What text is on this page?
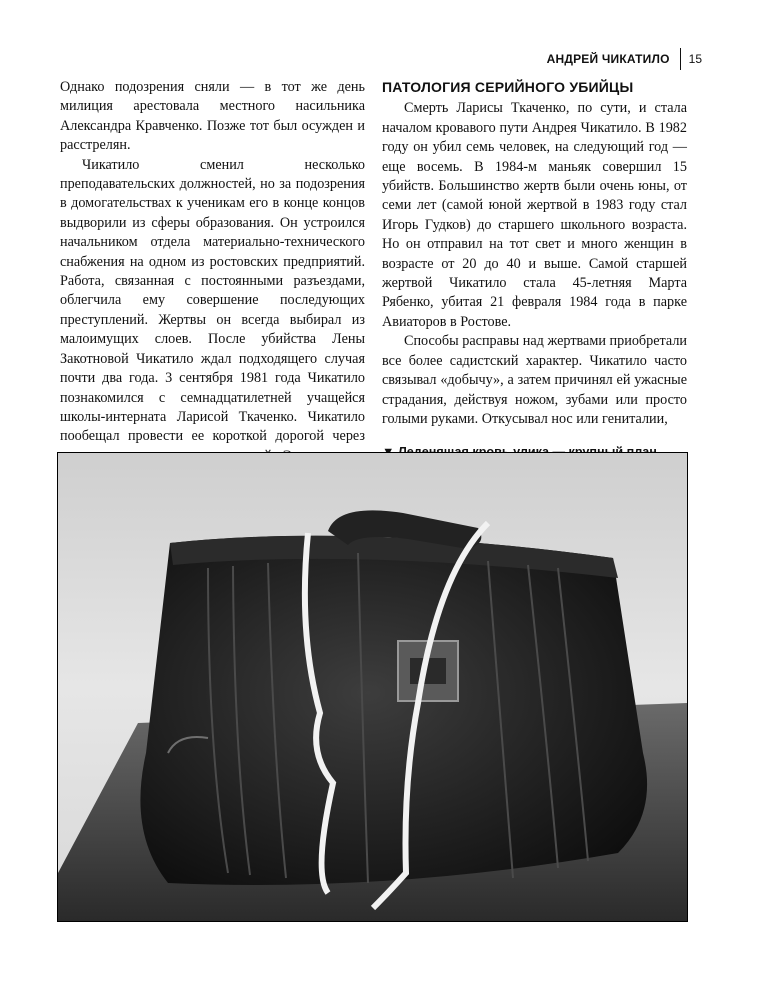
АНДРЕЙ ЧИКАТИЛО	15

Однако подозрения сняли — в тот же день милиция арестовала местного насильника Александра Кравченко. Позже тот был осужден и расстрелян.

Чикатило сменил несколько преподавательских должностей, но за подозрения в домогательствах к ученикам его в конце концов выдворили из сферы образования. Он устроился начальником отдела материально-технического снабжения на одном из ростовских предприятий. Работа, связанная с постоянными разъездами, облегчила ему совершение последующих преступлений. Жертвы он всегда выбирал из малоимущих слоев. После убийства Лены Закотновой Чикатило ждал подходящего случая почти два года. 3 сентября 1981 года Чикатило познакомился с семнадцатилетней учащейся школы-интерната Ларисой Ткаченко. Чикатило пообещал провести ее короткой дорогой через

ПАТОЛОГИЯ СЕРИЙНОГО УБИЙЦЫ

Смерть Ларисы Ткаченко, по сути, и стала началом кровавого пути Андрея Чикатило. В 1982 году он убил семь человек, на следующий год — еще восемь. В 1984-м маньяк совершил 15 убийств. Большинство жертв были очень юны, от семи лет (самой юной жертвой в 1983 году стал Игорь Гудков) до старшего школьного возраста. Но он отправил на тот свет и много женщин в возрасте от 20 до 40 и выше. Самой старшей жертвой Чикатило стала 45-летняя Марта Рябенко, убитая 21 февраля 1984 года в парке Авиаторов в Ростове.

Способы расправы над жертвами приобретали все более садистский характер. Чикатило часто связывал «добычу», а затем причинял ей ужасные страдания, действуя ножом, зубами или просто голыми руками. Откусывал нос или гениталии,
